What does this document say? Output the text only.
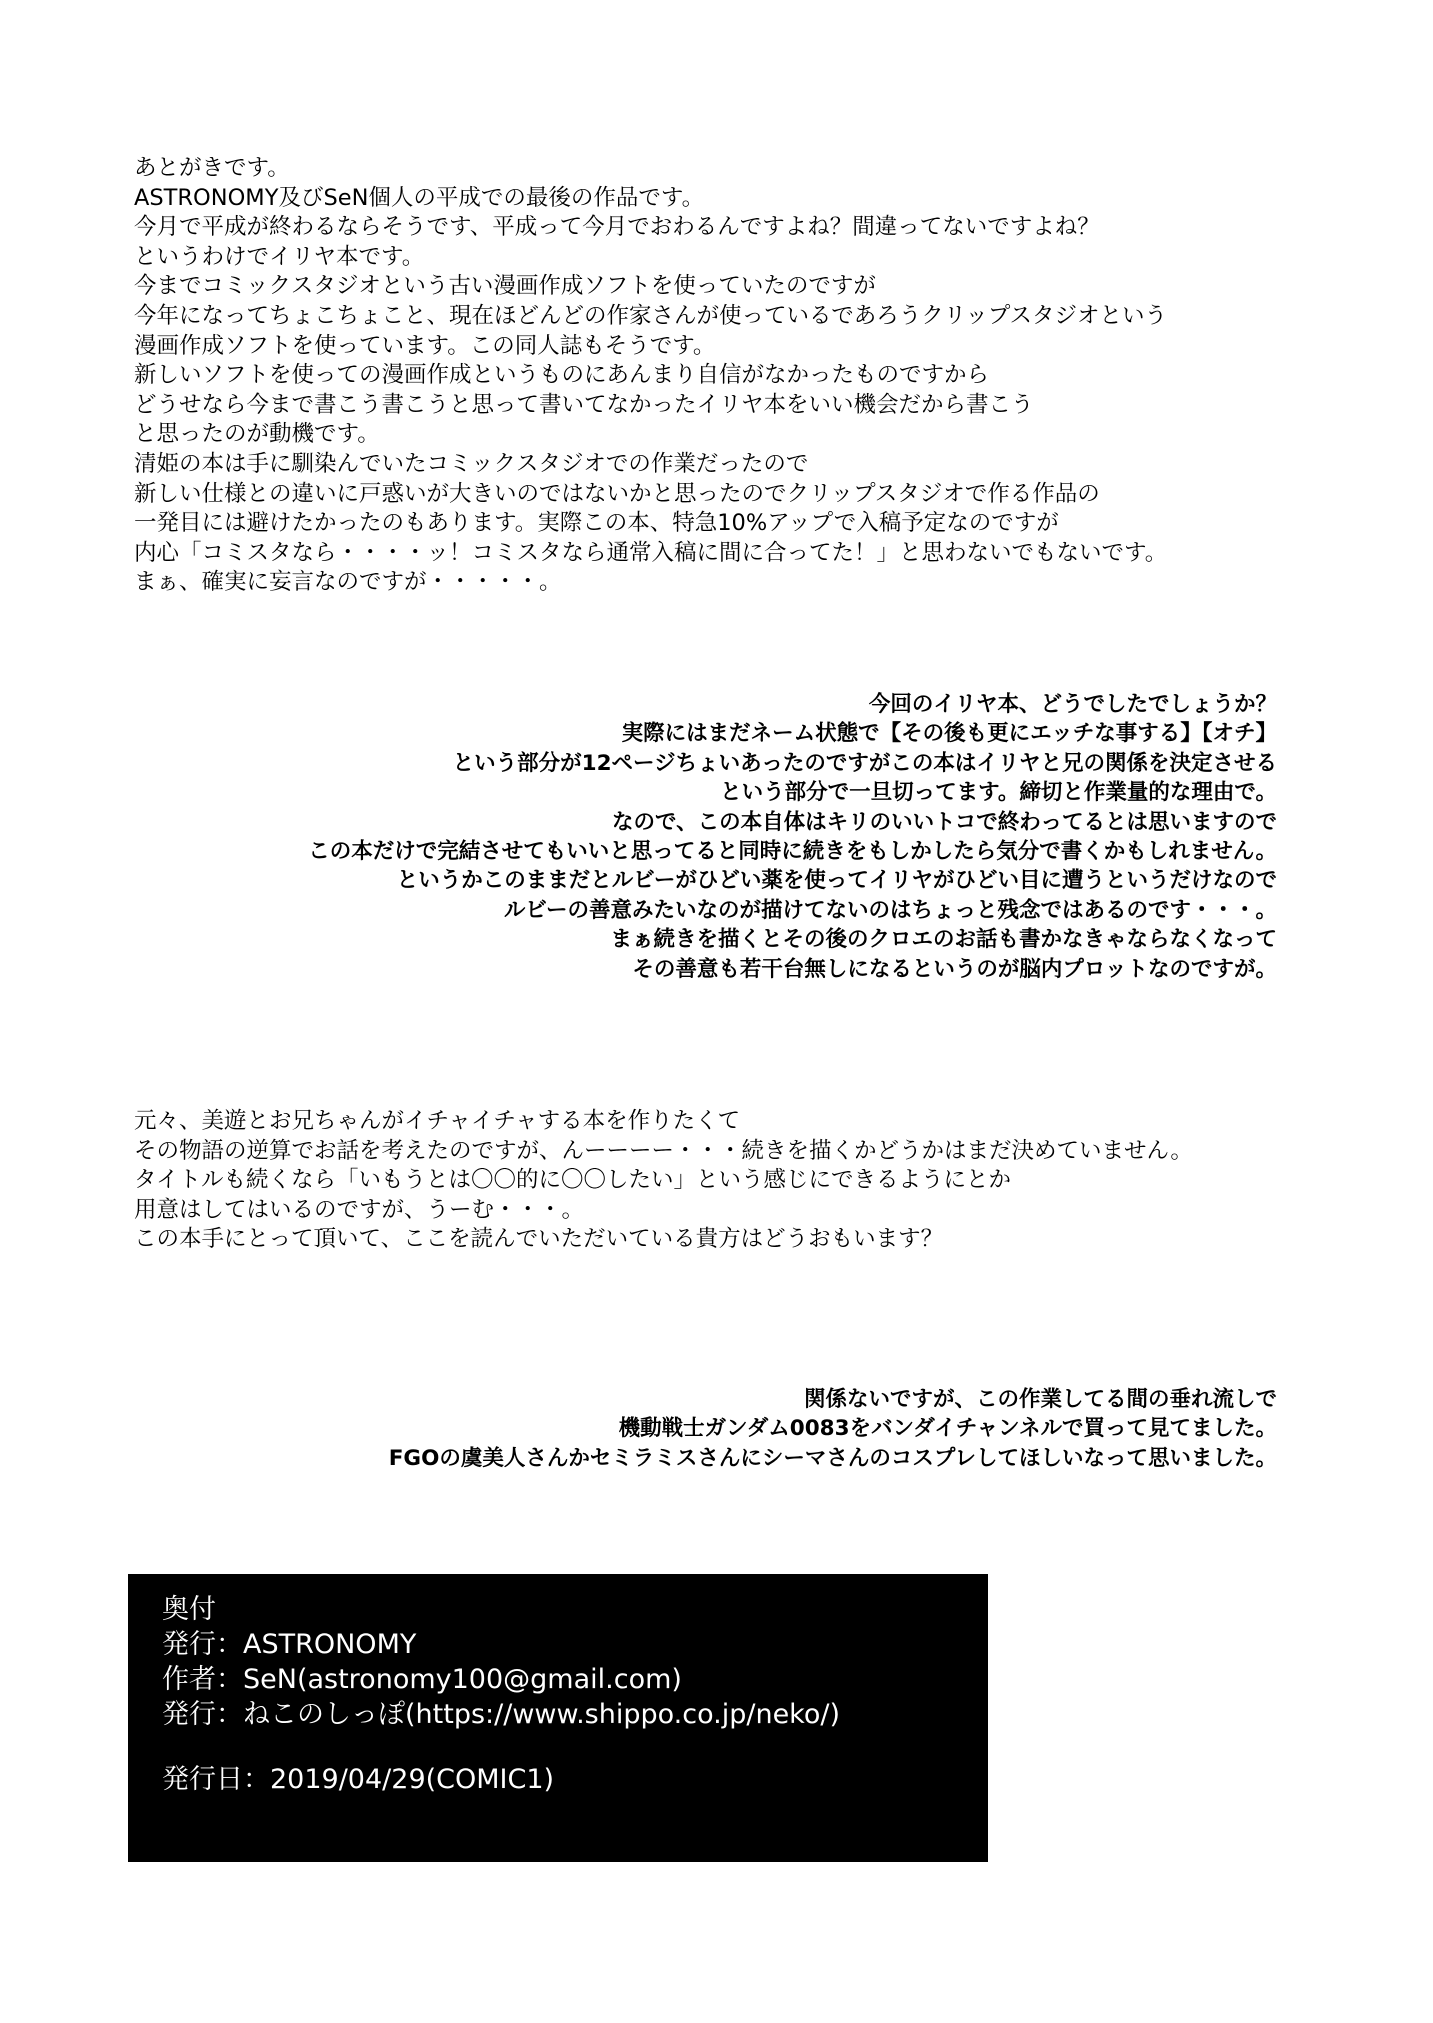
あとがきです。
ASTRONOMY及びSeN個人の平成での最後の作品です。
今月で平成が終わるならそうです、平成って今月でおわるんですよね？間違ってないですよね？
というわけでイリヤ本です。
今までコミックスタジオという古い漫画作成ソフトを使っていたのですが
今年になってちょこちょこと、現在ほどんどの作家さんが使っているであろうクリップスタジオという
漫画作成ソフトを使っています。この同人誌もそうです。
新しいソフトを使っての漫画作成というものにあんまり自信がなかったものですから
どうせなら今まで書こう書こうと思って書いてなかったイリヤ本をいい機会だから書こう
と思ったのが動機です。
清姫の本は手に馴染んでいたコミックスタジオでの作業だったので
新しい仕様との違いに戸惑いが大きいのではないかと思ったのでクリップスタジオで作る作品の
一発目には避けたかったのもあります。実際この本、特急10%アップで入稿予定なのですが
内心「コミスタなら・・・・ッ！コミスタなら通常入稿に間に合ってた！」と思わないでもないです。
まぁ、確実に妄言なのですが・・・・・。
今回のイリヤ本、どうでしたでしょうか？
実際にはまだネーム状態で【その後も更にエッチな事する】【オチ】
という部分が12ページちょいあったのですがこの本はイリヤと兄の関係を決定させる
という部分で一旦切ってます。締切と作業量的な理由で。
なので、この本自体はキリのいいトコで終わってるとは思いますので
この本だけで完結させてもいいと思ってると同時に続きをもしかしたら気分で書くかもしれません。
というかこのままだとルビーがひどい薬を使ってイリヤがひどい目に遭うというだけなので
ルビーの善意みたいなのが描けてないのはちょっと残念ではあるのです・・・。
まぁ続きを描くとその後のクロエのお話も書かなきゃならなくなって
その善意も若干台無しになるというのが脳内プロットなのですが。
元々、美遊とお兄ちゃんがイチャイチャする本を作りたくて
その物語の逆算でお話を考えたのですが、んーーーー・・・続きを描くかどうかはまだ決めていません。
タイトルも続くなら「いもうとは〇〇的に〇〇したい」という感じにできるようにとか
用意はしてはいるのですが、うーむ・・・。
この本手にとって頂いて、ここを読んでいただいている貴方はどうおもいます？
関係ないですが、この作業してる間の垂れ流しで
機動戦士ガンダム0083をバンダイチャンネルで買って見てました。
FGOの虞美人さんかセミラミスさんにシーマさんのコスプレしてほしいなって思いました。
奥付
発行：ASTRONOMY
作者：SeN(astronomy100@gmail.com)
発行：ねこのしっぽ(https://www.shippo.co.jp/neko/)
発行日：2019/04/29(COMIC1)
